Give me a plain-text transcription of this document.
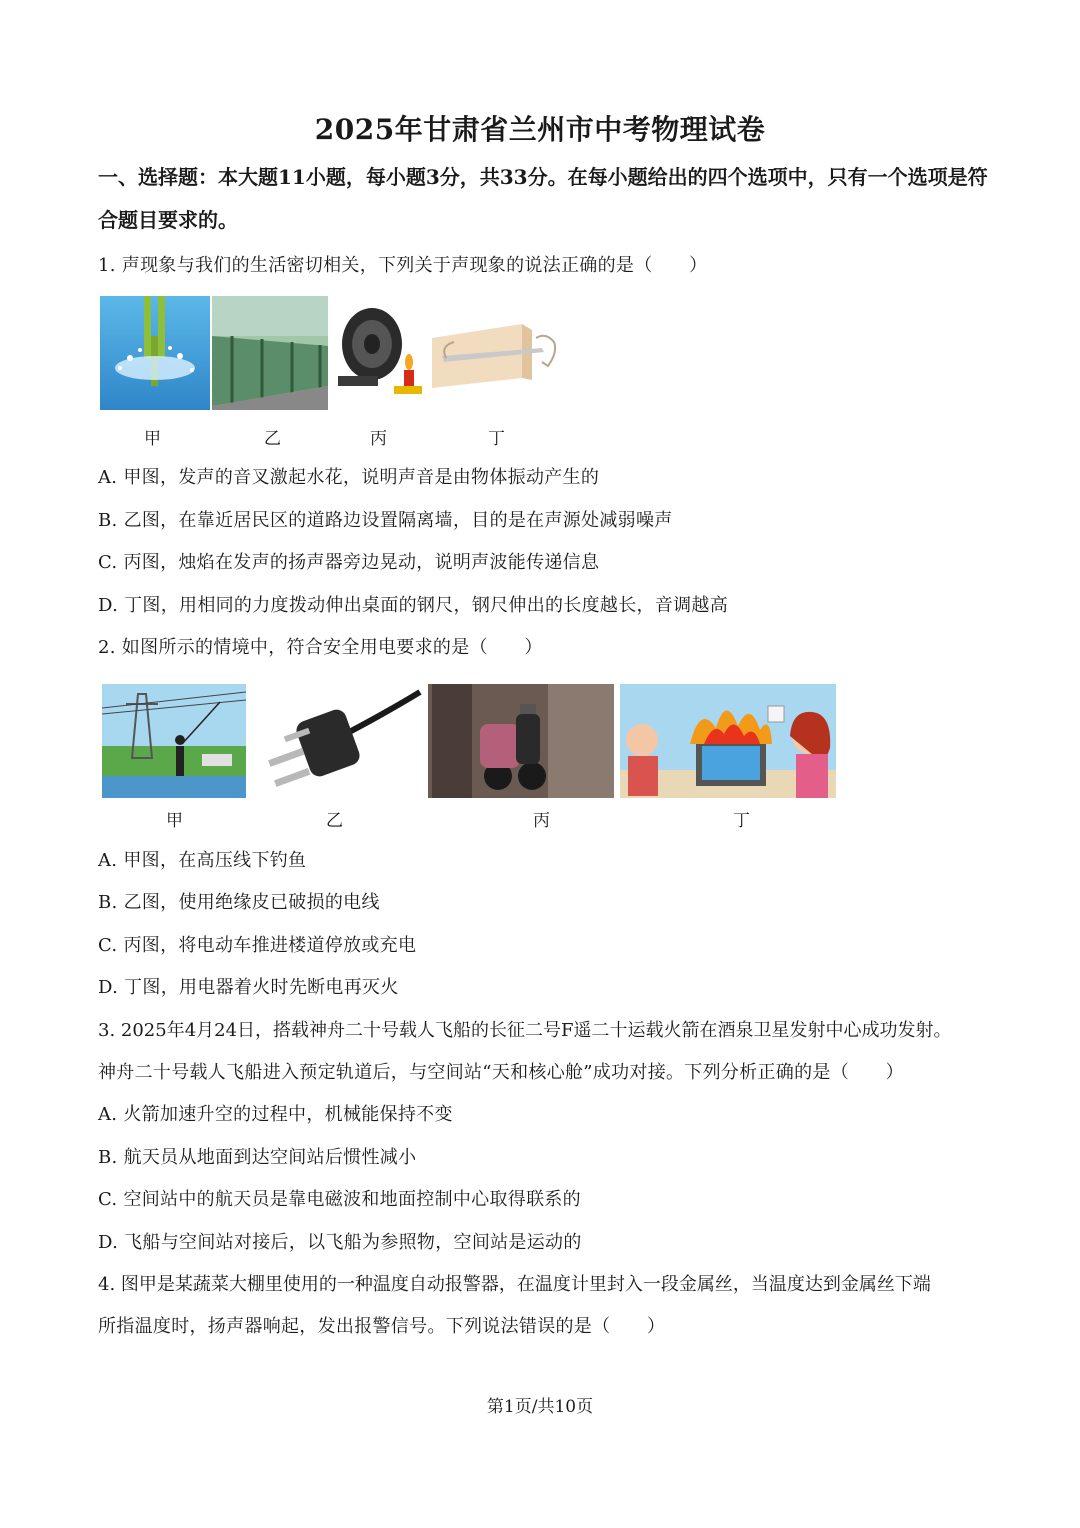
2025年甘肃省兰州市中考物理试卷
一、选择题：本大题11小题，每小题3分，共33分。在每小题给出的四个选项中，只有一个选项是符合题目要求的。
1. 声现象与我们的生活密切相关，下列关于声现象的说法正确的是（　　）
甲	乙	丙	丁
A. 甲图，发声的音叉激起水花，说明声音是由物体振动产生的
B. 乙图，在靠近居民区的道路边设置隔离墙，目的是在声源处减弱噪声
C. 丙图，烛焰在发声的扬声器旁边晃动，说明声波能传递信息
D. 丁图，用相同的力度拨动伸出桌面的钢尺，钢尺伸出的长度越长，音调越高
2. 如图所示的情境中，符合安全用电要求的是（　　）
甲	乙	丙	丁
A. 甲图，在高压线下钓鱼
B. 乙图，使用绝缘皮已破损的电线
C. 丙图，将电动车推进楼道停放或充电
D. 丁图，用电器着火时先断电再灭火
3. 2025年4月24日，搭载神舟二十号载人飞船的长征二号F遥二十运载火箭在酒泉卫星发射中心成功发射。
神舟二十号载人飞船进入预定轨道后，与空间站“天和核心舱”成功对接。下列分析正确的是（　　）
A. 火箭加速升空的过程中，机械能保持不变
B. 航天员从地面到达空间站后惯性减小
C. 空间站中的航天员是靠电磁波和地面控制中心取得联系的
D. 飞船与空间站对接后，以飞船为参照物，空间站是运动的
4. 图甲是某蔬菜大棚里使用的一种温度自动报警器，在温度计里封入一段金属丝，当温度达到金属丝下端
所指温度时，扬声器响起，发出报警信号。下列说法错误的是（　　）
第1页/共10页
